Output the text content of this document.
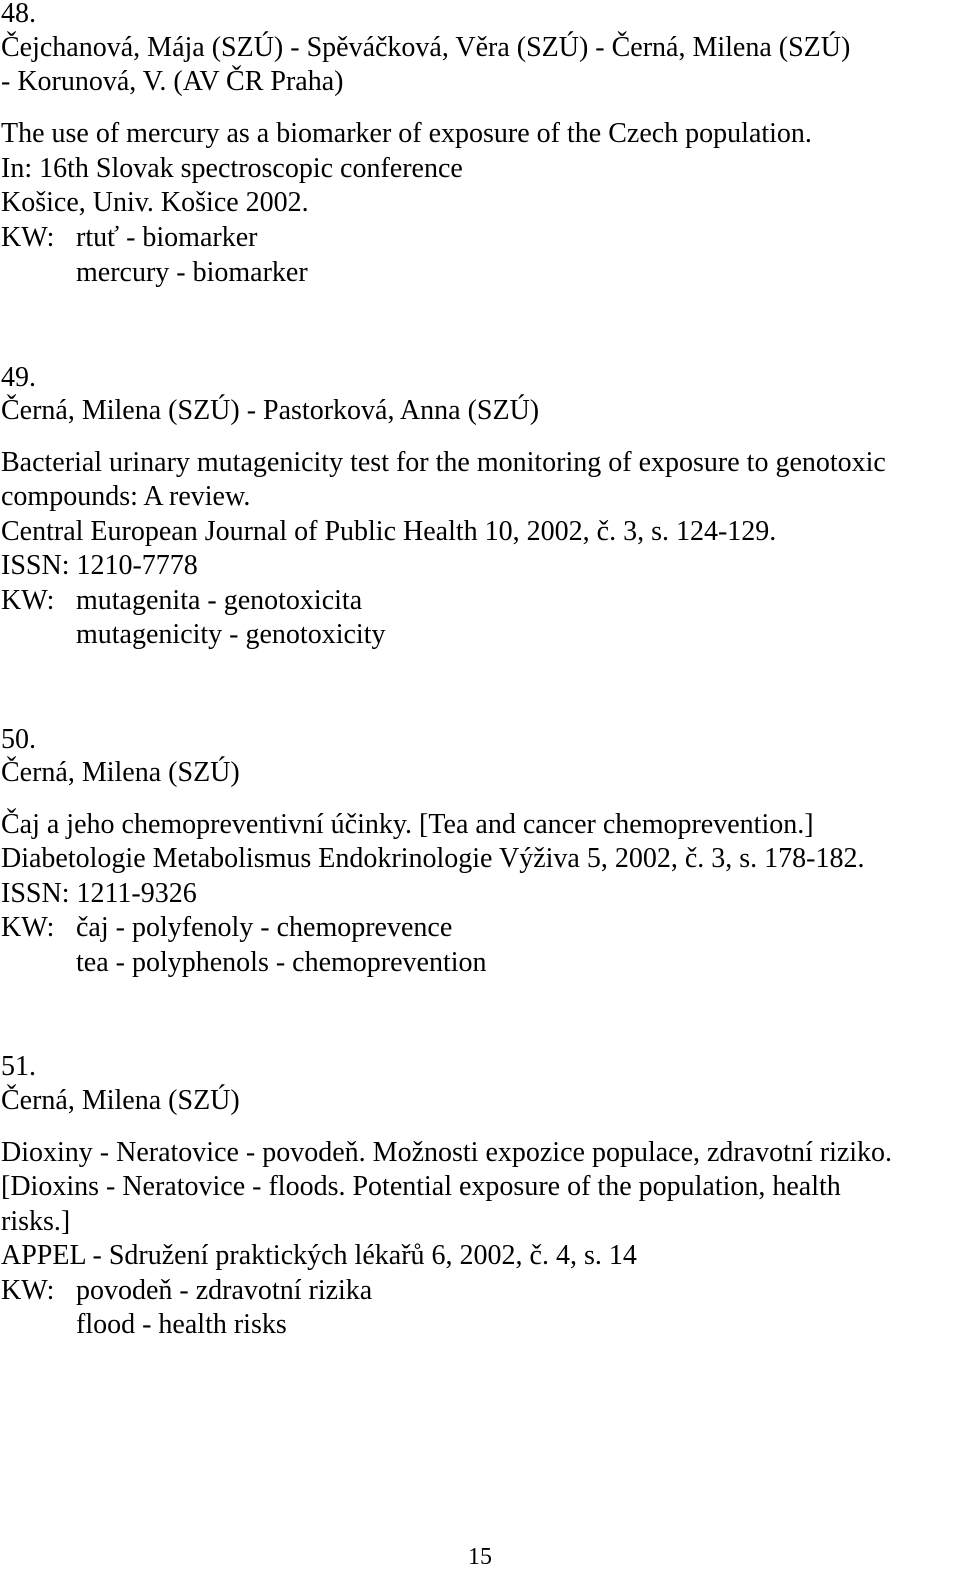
48.
Čejchanová, Mája (SZÚ) - Spěváčková, Věra (SZÚ) - Černá, Milena (SZÚ)
- Korunová, V. (AV ČR Praha)
The use of mercury as a biomarker of exposure of the Czech population.
In: 16th Slovak spectroscopic conference
Košice, Univ. Košice 2002.
KW: rtuť - biomarker
mercury - biomarker
49.
Černá, Milena (SZÚ) - Pastorková, Anna (SZÚ)
Bacterial urinary mutagenicity test for the monitoring of exposure to genotoxic
compounds: A review.
Central European Journal of Public Health 10, 2002, č. 3, s. 124-129.
ISSN: 1210-7778
KW: mutagenita - genotoxicita
mutagenicity - genotoxicity
50.
Černá, Milena (SZÚ)
Čaj a jeho chemopreventivní účinky. [Tea and cancer chemoprevention.]
Diabetologie Metabolismus Endokrinologie Výživa 5, 2002, č. 3, s. 178-182.
ISSN: 1211-9326
KW: čaj - polyfenoly - chemoprevence
tea - polyphenols - chemoprevention
51.
Černá, Milena (SZÚ)
Dioxiny - Neratovice - povodeň. Možnosti expozice populace, zdravotní riziko.
[Dioxins - Neratovice - floods. Potential exposure of the population, health
risks.]
APPEL - Sdružení praktických lékařů 6, 2002, č. 4, s. 14
KW: povodeň - zdravotní rizika
flood - health risks
15
